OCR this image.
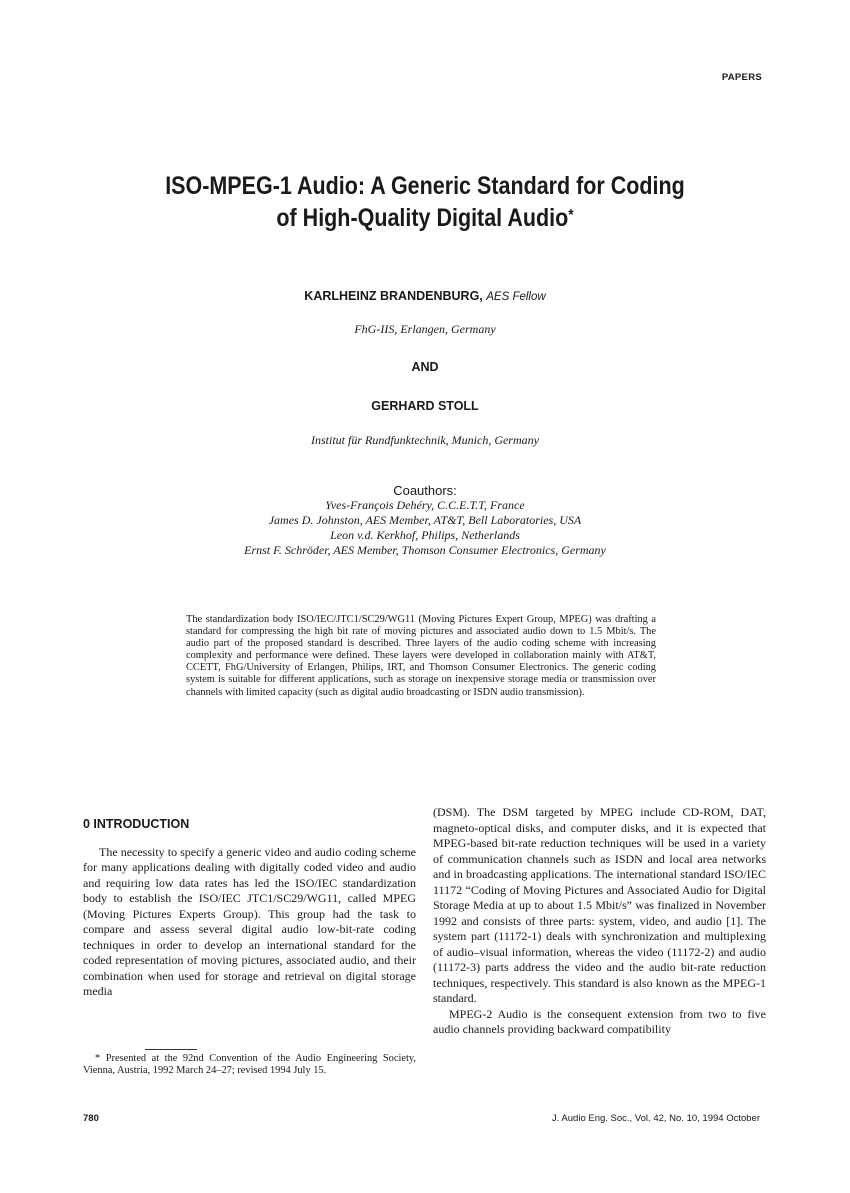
PAPERS
ISO-MPEG-1 Audio: A Generic Standard for Coding
of High-Quality Digital Audio*
KARLHEINZ BRANDENBURG, AES Fellow
FhG-IIS, Erlangen, Germany
AND
GERHARD STOLL
Institut für Rundfunktechnik, Munich, Germany
Coauthors:
Yves-François Dehéry, C.C.E.T.T, France
James D. Johnston, AES Member, AT&T, Bell Laboratories, USA
Leon v.d. Kerkhof, Philips, Netherlands
Ernst F. Schröder, AES Member, Thomson Consumer Electronics, Germany
The standardization body ISO/IEC/JTC1/SC29/WG11 (Moving Pictures Expert Group, MPEG) was drafting a standard for compressing the high bit rate of moving pictures and associated audio down to 1.5 Mbit/s. The audio part of the proposed standard is described. Three layers of the audio coding scheme with increasing complexity and performance were defined. These layers were developed in collaboration mainly with AT&T, CCETT, FhG/University of Erlangen, Philips, IRT, and Thomson Consumer Electronics. The generic coding system is suitable for different applications, such as storage on inexpensive storage media or transmission over channels with limited capacity (such as digital audio broadcasting or ISDN audio transmission).
0 INTRODUCTION

The necessity to specify a generic video and audio coding scheme for many applications dealing with digitally coded video and audio and requiring low data rates has led the ISO/IEC standardization body to establish the ISO/IEC JTC1/SC29/WG11, called MPEG (Moving Pictures Experts Group). This group had the task to compare and assess several digital audio low-bit-rate coding techniques in order to develop an international standard for the coded representation of moving pictures, associated audio, and their combination when used for storage and retrieval on digital storage media

(DSM). The DSM targeted by MPEG include CD-ROM, DAT, magneto-optical disks, and computer disks, and it is expected that MPEG-based bit-rate reduction techniques will be used in a variety of communication channels such as ISDN and local area networks and in broadcasting applications. The international standard ISO/IEC 11172 “Coding of Moving Pictures and Associated Audio for Digital Storage Media at up to about 1.5 Mbit/s” was finalized in November 1992 and consists of three parts: system, video, and audio [1]. The system part (11172-1) deals with synchronization and multiplexing of audio–visual information, whereas the video (11172-2) and audio (11172-3) parts address the video and the audio bit-rate reduction techniques, respectively. This standard is also known as the MPEG-1 standard.

MPEG-2 Audio is the consequent extension from two to five audio channels providing backward compatibility

* Presented at the 92nd Convention of the Audio Engineering Society, Vienna, Austria, 1992 March 24–27; revised 1994 July 15.
780	J. Audio Eng. Soc., Vol. 42, No. 10, 1994 October
